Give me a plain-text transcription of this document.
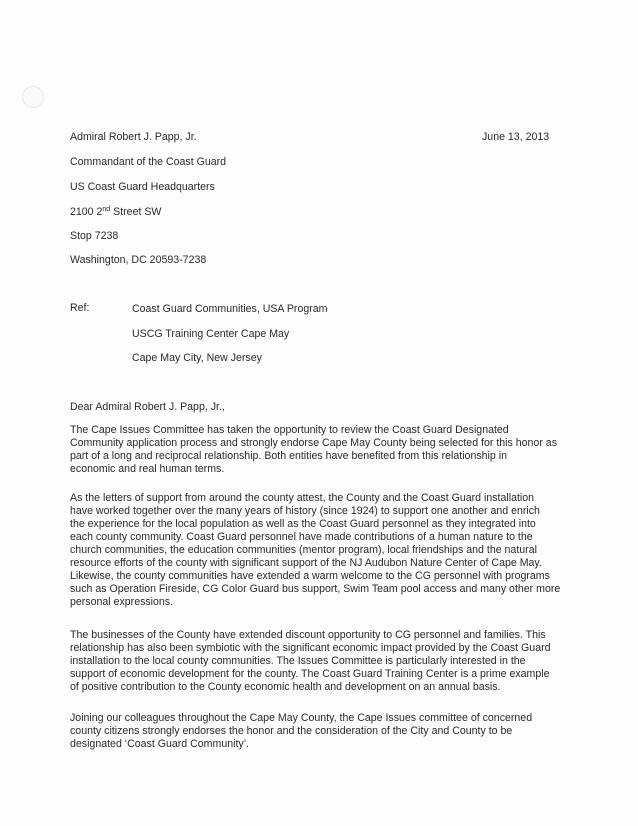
June 13, 2013
Admiral Robert J. Papp, Jr.
Commandant of the Coast Guard
US Coast Guard Headquarters
2100 2nd Street SW
Stop 7238
Washington, DC 20593-7238
Ref:	Coast Guard Communities, USA Program
USCG Training Center Cape May
Cape May City, New Jersey
Dear Admiral Robert J. Papp, Jr.,
The Cape Issues Committee has taken the opportunity to review the Coast Guard Designated
Community application process and strongly endorse Cape May County being selected for this honor as
part of a long and reciprocal relationship. Both entities have benefited from this relationship in
economic and real human terms.
As the letters of support from around the county attest, the County and the Coast Guard installation
have worked together over the many years of history (since 1924) to support one another and enrich
the experience for the local population as well as the Coast Guard personnel as they integrated into
each county community. Coast Guard personnel have made contributions of a human nature to the
church communities, the education communities (mentor program), local friendships and the natural
resource efforts of the county with significant support of the NJ Audubon Nature Center of Cape May.
Likewise, the county communities have extended a warm welcome to the CG personnel with programs
such as Operation Fireside, CG Color Guard bus support, Swim Team pool access and many other more
personal expressions.
The businesses of the County have extended discount opportunity to CG personnel and families. This
relationship has also been symbiotic with the significant economic impact provided by the Coast Guard
installation to the local county communities. The Issues Committee is particularly interested in the
support of economic development for the county. The Coast Guard Training Center is a prime example
of positive contribution to the County economic health and development on an annual basis.
Joining our colleagues throughout the Cape May County, the Cape Issues committee of concerned
county citizens strongly endorses the honor and the consideration of the City and County to be
designated ‘Coast Guard Community’.
